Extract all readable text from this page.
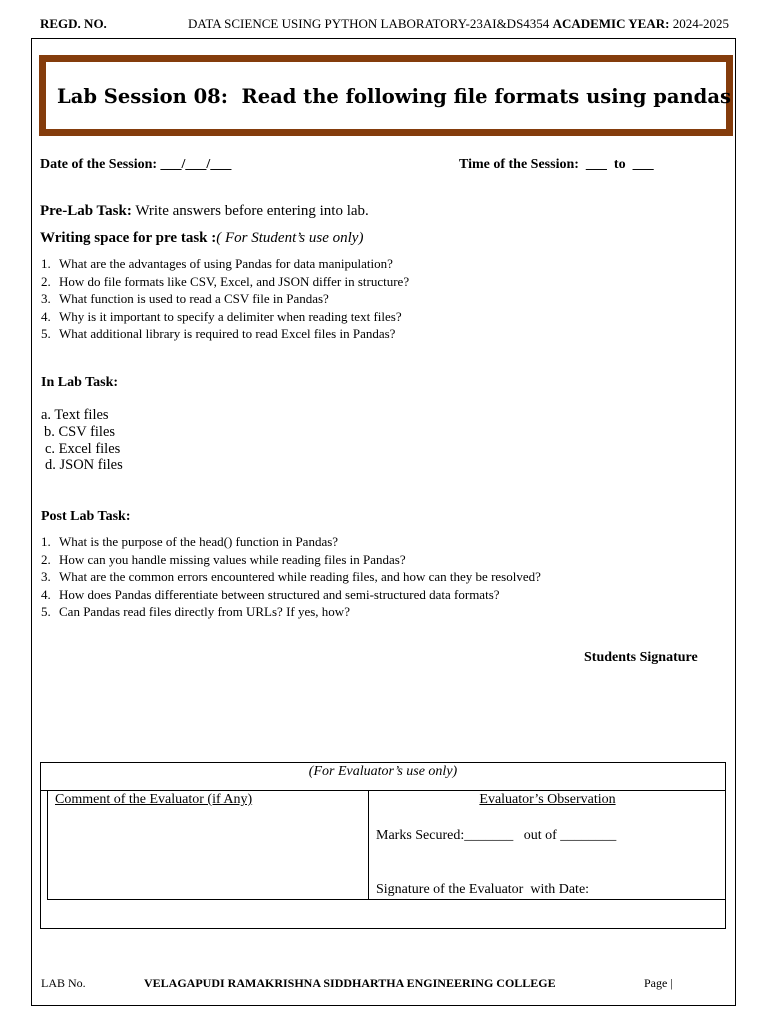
REGD. NO.	DATA SCIENCE USING PYTHON LABORATORY-23AI&DS4354 ACADEMIC YEAR: 2024-2025
Lab Session 08: Read the following file formats using pandas
Date of the Session: ___/___/___	Time of the Session: ___ to ___
Pre-Lab Task: Write answers before entering into lab.
Writing space for pre task :( For Student’s use only)
1. What are the advantages of using Pandas for data manipulation?
2. How do file formats like CSV, Excel, and JSON differ in structure?
3. What function is used to read a CSV file in Pandas?
4. Why is it important to specify a delimiter when reading text files?
5. What additional library is required to read Excel files in Pandas?
In Lab Task:
a. Text files
b. CSV files
c. Excel files
d. JSON files
Post Lab Task:
1. What is the purpose of the head() function in Pandas?
2. How can you handle missing values while reading files in Pandas?
3. What are the common errors encountered while reading files, and how can they be resolved?
4. How does Pandas differentiate between structured and semi-structured data formats?
5. Can Pandas read files directly from URLs? If yes, how?
Students Signature
(For Evaluator’s use only)
Comment of the Evaluator (if Any)	Evaluator’s Observation
Marks Secured:_______   out of ________
Signature of the Evaluator  with Date:
LAB No.	VELAGAPUDI RAMAKRISHNA SIDDHARTHA ENGINEERING COLLEGE	Page |
